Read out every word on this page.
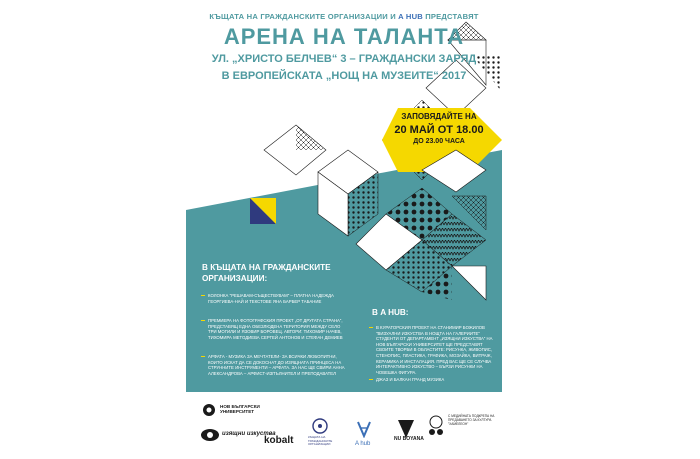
КЪЩАТА НА ГРАЖДАНСКИТЕ ОРГАНИЗАЦИИ И A HUB ПРЕДСТАВЯТ
АРЕНА НА ТАЛАНТА
УЛ. „ХРИСТО БЕЛЧЕВ“ 3 – ГРАЖДАНСКИ ЗАРЯД
В ЕВРОПЕЙСКАТА „НОЩ НА МУЗЕИТЕ“ 2017
ЗАПОВЯДАЙТЕ НА
20 МАЙ ОТ 18.00
ДО 23.00 ЧАСА
В КЪЩАТА НА ГРАЖДАНСКИТЕ ОРГАНИЗАЦИИ:
КОЛОНКА "РЕШАВАМ-СЪЩЕСТВУВАМ" – ПЛАТНА НАДЕЖДА ГЕОРГИЕВА-НАЙ И ТЕКСТОВЕ ЯНА БАРБЕР ТАБАНИЕ
ПРЕМИЕРА НА ФОТОГРАФСКИЯ ПРОЕКТ „ОТ ДРУГАТА СТРАНА“, ПРЕДСТАВЯЩ ЕДНА ОБЕЗЛЮДЕНА ТЕРИТОРИЯ МЕЖДУ СЕЛО ТРИ МОГИЛИ И ЯЗОВИР БОРОВЕЦ. АВТОРИ: ТИХОМИР НАЧЕВ, ТИХОМИРА МЕТОДИЕВА СЕРГЕЙ АНТОНОВ И СТЕФАН ДЕМИЕВ
АРФАТА - МУЗИКА ЗА МЕЧТАТЕЛИ- ЗА ВСИЧКИ ЛЮБОПИТНИ, КОИТО ИСКАТ ДА СЕ ДОКОСНАТ ДО ИЗЯЩНАТА ПРИНЦЕСА НА СТРУННИТЕ ИНСТРУМЕНТИ – АРФАТА. ЗА НАС ЩЕ СВИРИ АННА АЛЕКСАНДРОВА – АРФИСТ-ИЗПЪЛНИТЕЛ И ПРЕПОДАВАТЕЛ
В A HUB:
В КУРАТОРСКИЯ ПРОЕКТ НА СТАНИМИР БОЖИЛОВ "ВИЗУАЛНИ ИЗКУСТВА В НОЩТА НА ГАЛЕРИИТЕ" СТУДЕНТИ ОТ ДЕПАРТАМЕНТ „ИЗЯЩНИ ИЗКУСТВА“ НА НОВ БЪЛГАРСКИ УНИВЕРСИТЕТ ЩЕ ПРЕДСТАВЯТ СВОИТЕ ТВОРБИ В ОБЛАСТИТЕ: РИСУНКА, ЖИВОПИС, СТЕНОПИС, ПЛАСТИКА, ГРАФИКА, МОЗАЙКА, ВИТРАЖ, КЕРАМИКА И ИНСТАЛАЦИЯ. ПРЕД ВАС ЩЕ СЕ СЛУЧВА ИНТЕРАКТИВНО ИЗКУСТВО – БЪРЗИ РИСУНКИ НА ЧОВЕШКА ФИГУРА.
ДЖАЗ И БАЛКАН ГРАНД МУЗИКА
НОВ БЪЛГАРСКИ УНИВЕРСИТЕТ
изящни изкуства
kobalt	КЪЩАТА НА ГРАЖДАНСКИТЕ ОРГАНИЗАЦИИ	A hub
NU BOYANA
С МЕДИЙНАТА ПОДКРЕПА НА ПРЕДАВАНЕТО ЗА КУЛТУРА "ХАМЕЛЕОН"
